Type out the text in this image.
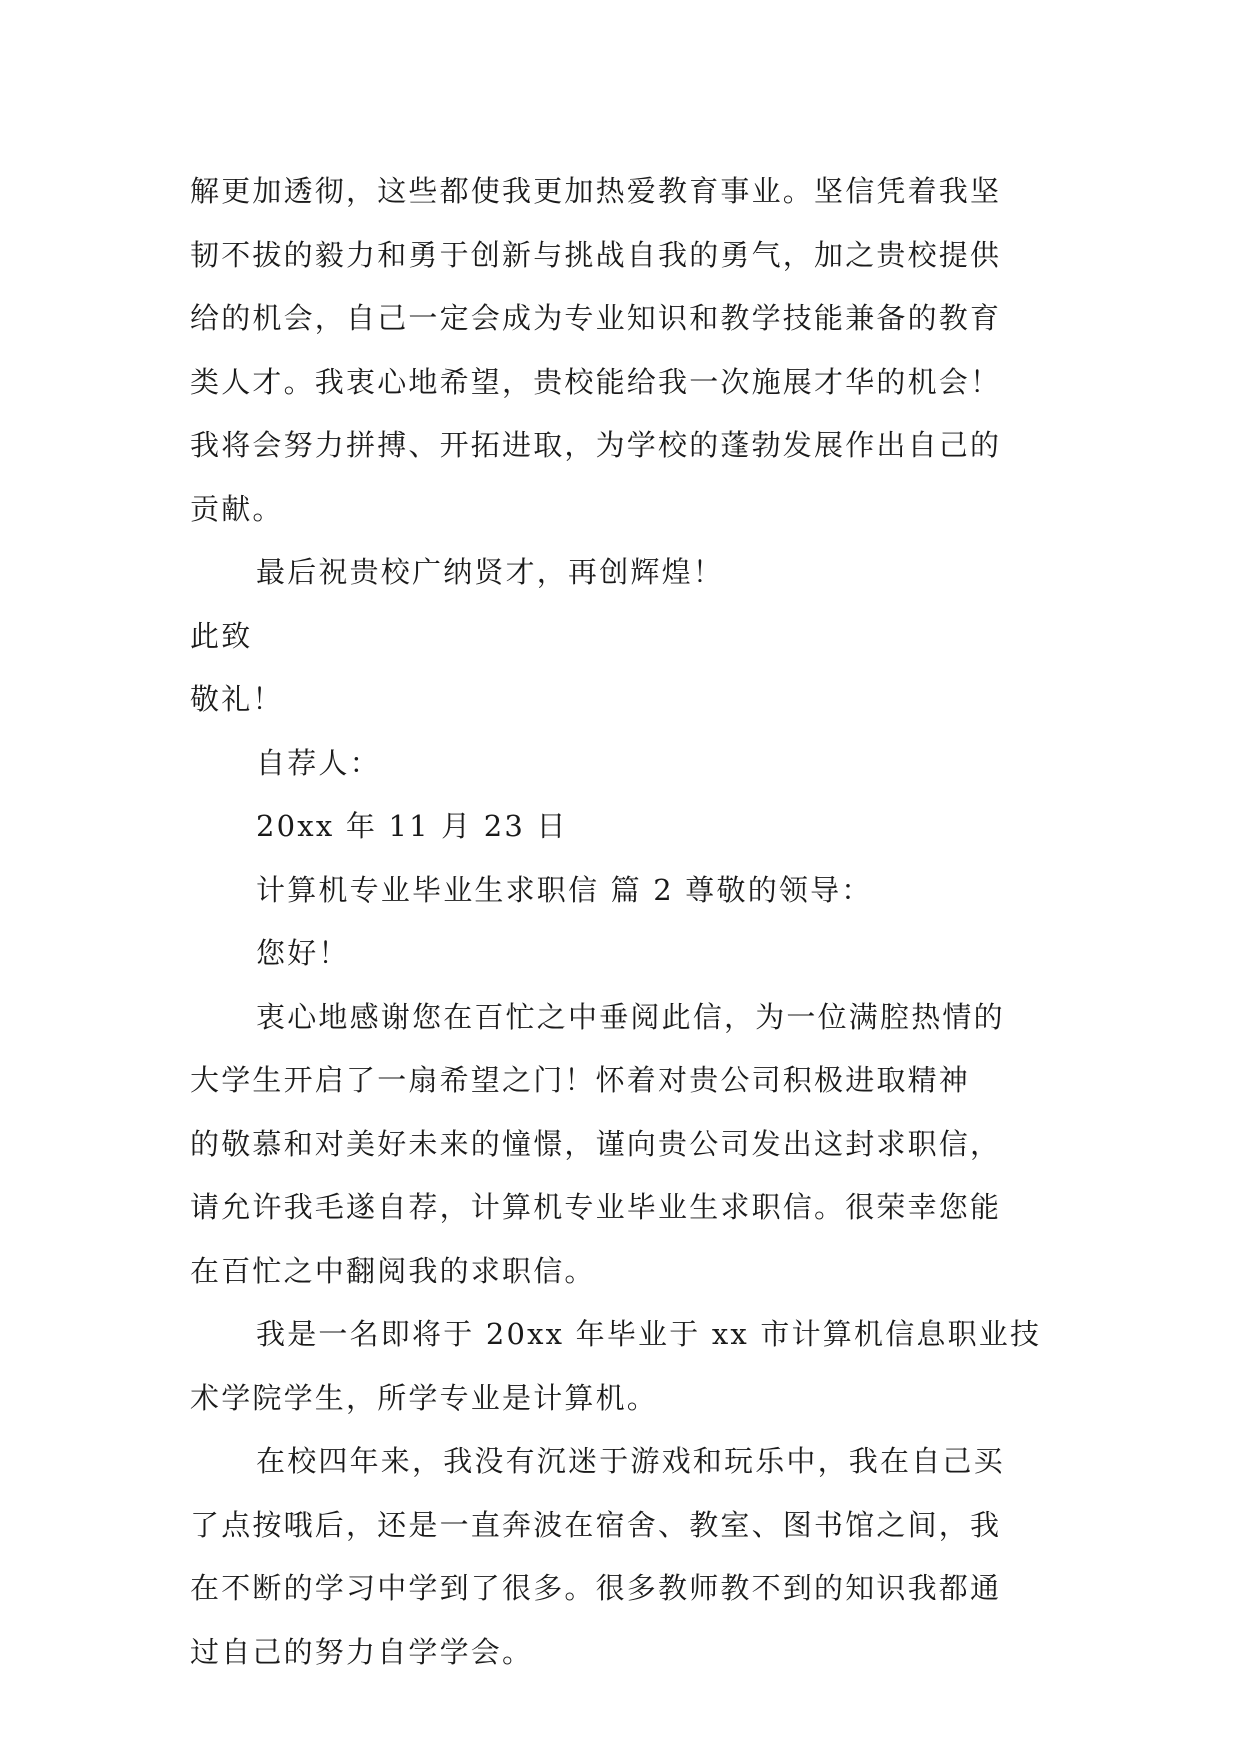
解更加透彻，这些都使我更加热爱教育事业。坚信凭着我坚
韧不拔的毅力和勇于创新与挑战自我的勇气，加之贵校提供
给的机会，自己一定会成为专业知识和教学技能兼备的教育
类人才。我衷心地希望，贵校能给我一次施展才华的机会！
我将会努力拼搏、开拓进取，为学校的蓬勃发展作出自己的
贡献。
最后祝贵校广纳贤才，再创辉煌！
此致
敬礼！
自荐人：
20xx 年 11 月 23 日
计算机专业毕业生求职信 篇 2 尊敬的领导：
您好！
衷心地感谢您在百忙之中垂阅此信，为一位满腔热情的
大学生开启了一扇希望之门！怀着对贵公司积极进取精神
的敬慕和对美好未来的憧憬，谨向贵公司发出这封求职信，
请允许我毛遂自荐，计算机专业毕业生求职信。很荣幸您能
在百忙之中翻阅我的求职信。
我是一名即将于 20xx 年毕业于 xx 市计算机信息职业技
术学院学生，所学专业是计算机。
在校四年来，我没有沉迷于游戏和玩乐中，我在自己买
了点按哦后，还是一直奔波在宿舍、教室、图书馆之间，我
在不断的学习中学到了很多。很多教师教不到的知识我都通
过自己的努力自学学会。
